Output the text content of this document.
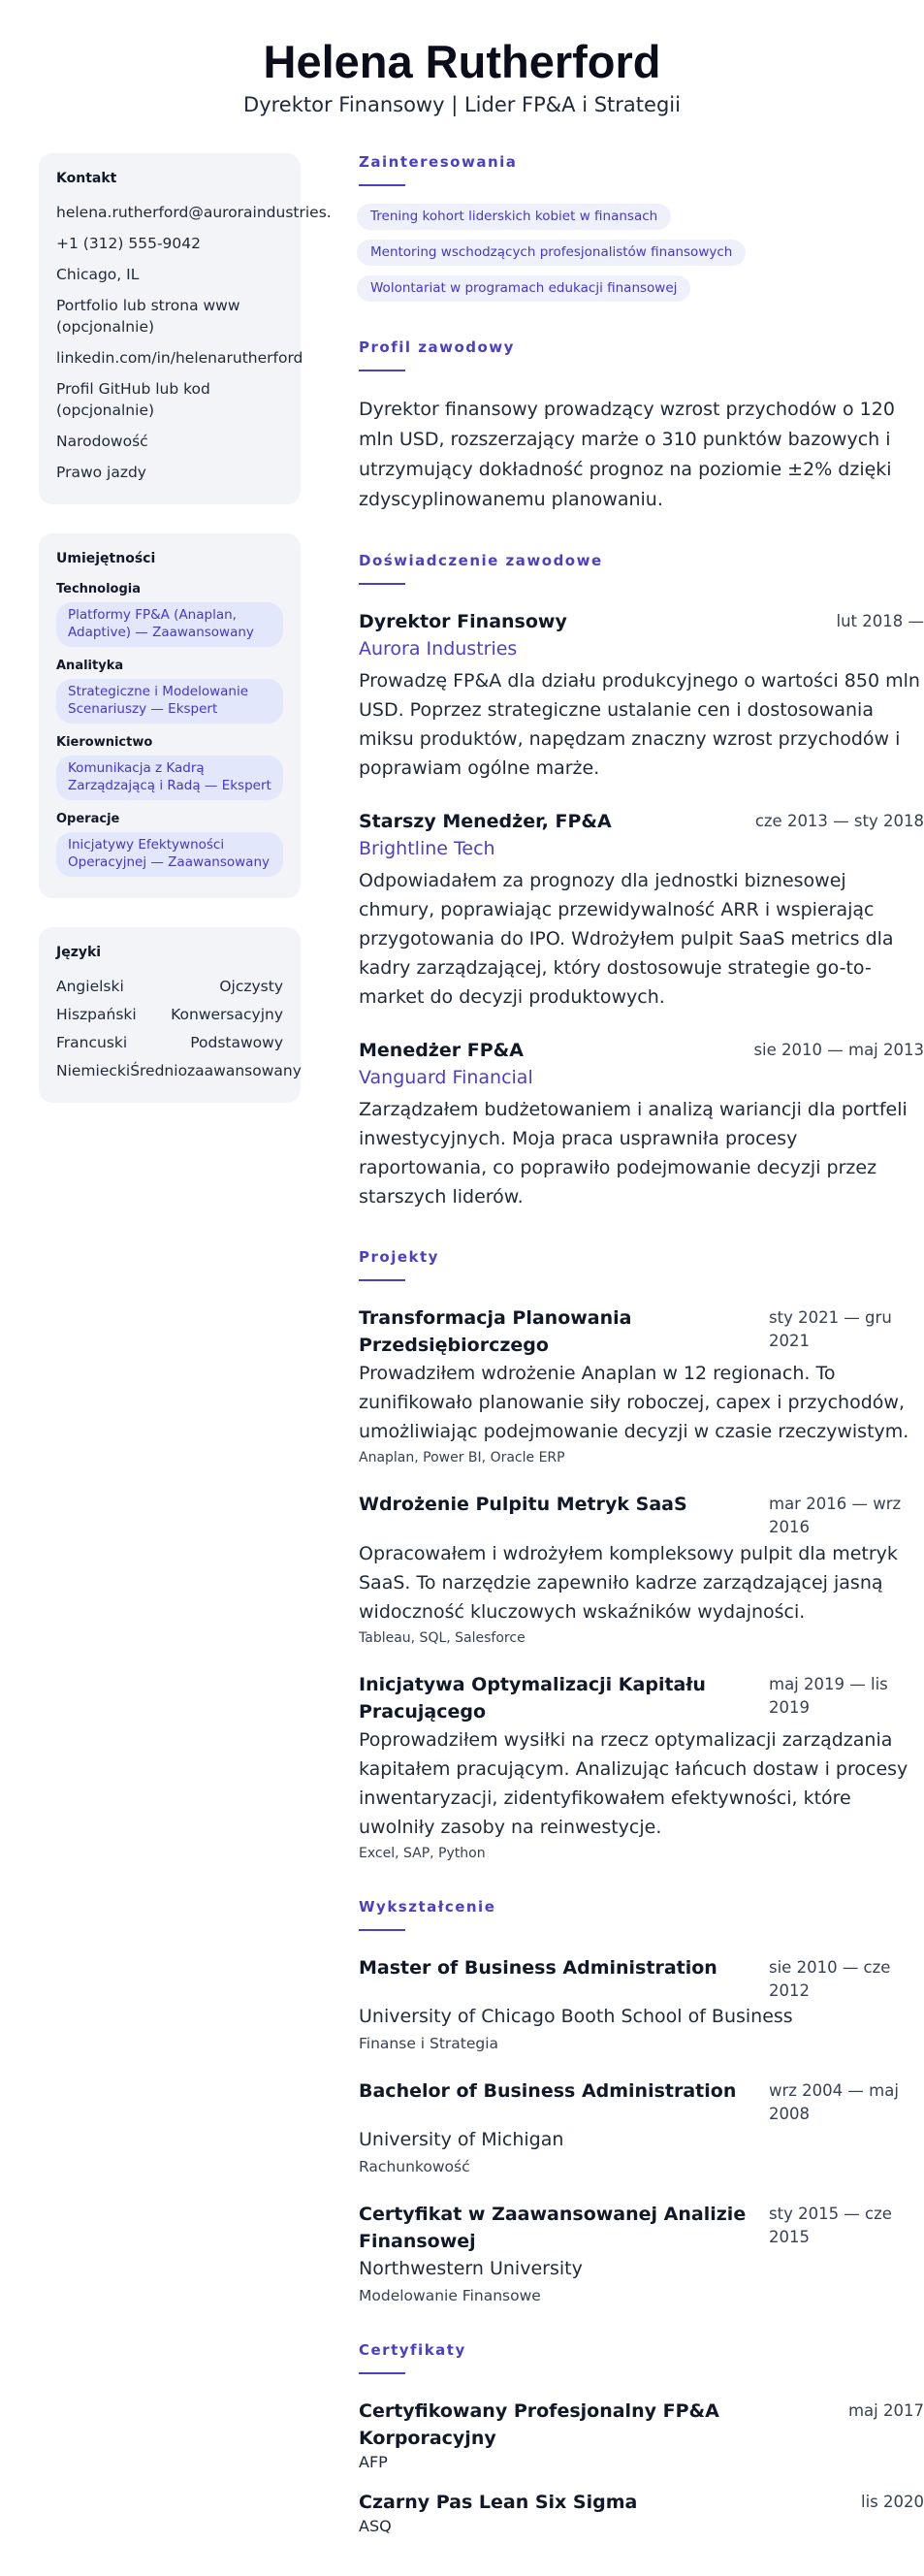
Helena Rutherford
Dyrektor Finansowy | Lider FP&A i Strategii
Kontakt
helena.rutherford@auroraindustries.
+1 (312) 555-9042
Chicago, IL
Portfolio lub strona www (opcjonalnie)
linkedin.com/in/helenarutherford
Profil GitHub lub kod (opcjonalnie)
Narodowość
Prawo jazdy
Umiejętności
Technologia
Platformy FP&A (Anaplan, Adaptive) — Zaawansowany
Analityka
Strategiczne i Modelowanie Scenariuszy — Ekspert
Kierownictwo
Komunikacja z Kadrą Zarządzającą i Radą — Ekspert
Operacje
Inicjatywy Efektywności Operacyjnej — Zaawansowany
Języki
Angielski	Ojczysty
Hiszpański Konwersacyjny
Francuski	Podstawowy
Niemiecki Średniozaawansowany
Zainteresowania
Trening kohort liderskich kobiet w finansach
Mentoring wschodzących profesjonalistów finansowych
Wolontariat w programach edukacji finansowej
Profil zawodowy

Dyrektor finansowy prowadzący wzrost przychodów o 120 mln USD, rozszerzający marże o 310 punktów bazowych i utrzymujący dokładność prognoz na poziomie ±2% dzięki zdyscyplinowanemu planowaniu.

Doświadczenie zawodowe
Dyrektor Finansowy	lut 2018 —
Aurora Industries

Prowadzę FP&A dla działu produkcyjnego o wartości 850 mln USD. Poprzez strategiczne ustalanie cen i dostosowania miksu produktów, napędzam znaczny wzrost przychodów i poprawiam ogólne marże.

Starszy Menedżer, FP&A	cze 2013 — sty 2018
Brightline Tech

Odpowiadałem za prognozy dla jednostki biznesowej chmury, poprawiając przewidywalność ARR i wspierając przygotowania do IPO. Wdrożyłem pulpit SaaS metrics dla kadry zarządzającej, który dostosowuje strategie go-to-market do decyzji produktowych.

Menedżer FP&A	sie 2010 — maj 2013
Vanguard Financial

Zarządzałem budżetowaniem i analizą wariancji dla portfeli inwestycyjnych. Moja praca usprawniła procesy raportowania, co poprawiło podejmowanie decyzji przez starszych liderów.

Projekty
Transformacja Planowania Przedsiębiorczego
sty 2021 — gru 2021

Prowadziłem wdrożenie Anaplan w 12 regionach. To zunifikowało planowanie siły roboczej, capex i przychodów, umożliwiając podejmowanie decyzji w czasie rzeczywistym.

Anaplan, Power BI, Oracle ERP
Wdrożenie Pulpitu Metryk SaaS	mar 2016 — wrz 2016

Opracowałem i wdrożyłem kompleksowy pulpit dla metryk SaaS. To narzędzie zapewniło kadrze zarządzającej jasną widoczność kluczowych wskaźników wydajności.

Tableau, SQL, Salesforce
Inicjatywa Optymalizacji Kapitału Pracującego
maj 2019 — lis 2019

Poprowadziłem wysiłki na rzecz optymalizacji zarządzania kapitałem pracującym. Analizując łańcuch dostaw i procesy inwentaryzacji, zidentyfikowałem efektywności, które uwolniły zasoby na reinwestycje.

Excel, SAP, Python
Wykształcenie
Master of Business Administration	sie 2010 — cze 2012
University of Chicago Booth School of Business
Finanse i Strategia
Bachelor of Business Administration	wrz 2004 — maj 2008
University of Michigan
Rachunkowość
Certyfikat w Zaawansowanej Analizie Finansowej
sty 2015 — cze 2015
Northwestern University
Modelowanie Finansowe
Certyfikaty
Certyfikowany Profesjonalny FP&A Korporacyjny
maj 2017
AFP
Czarny Pas Lean Six Sigma	lis 2020
ASQ
